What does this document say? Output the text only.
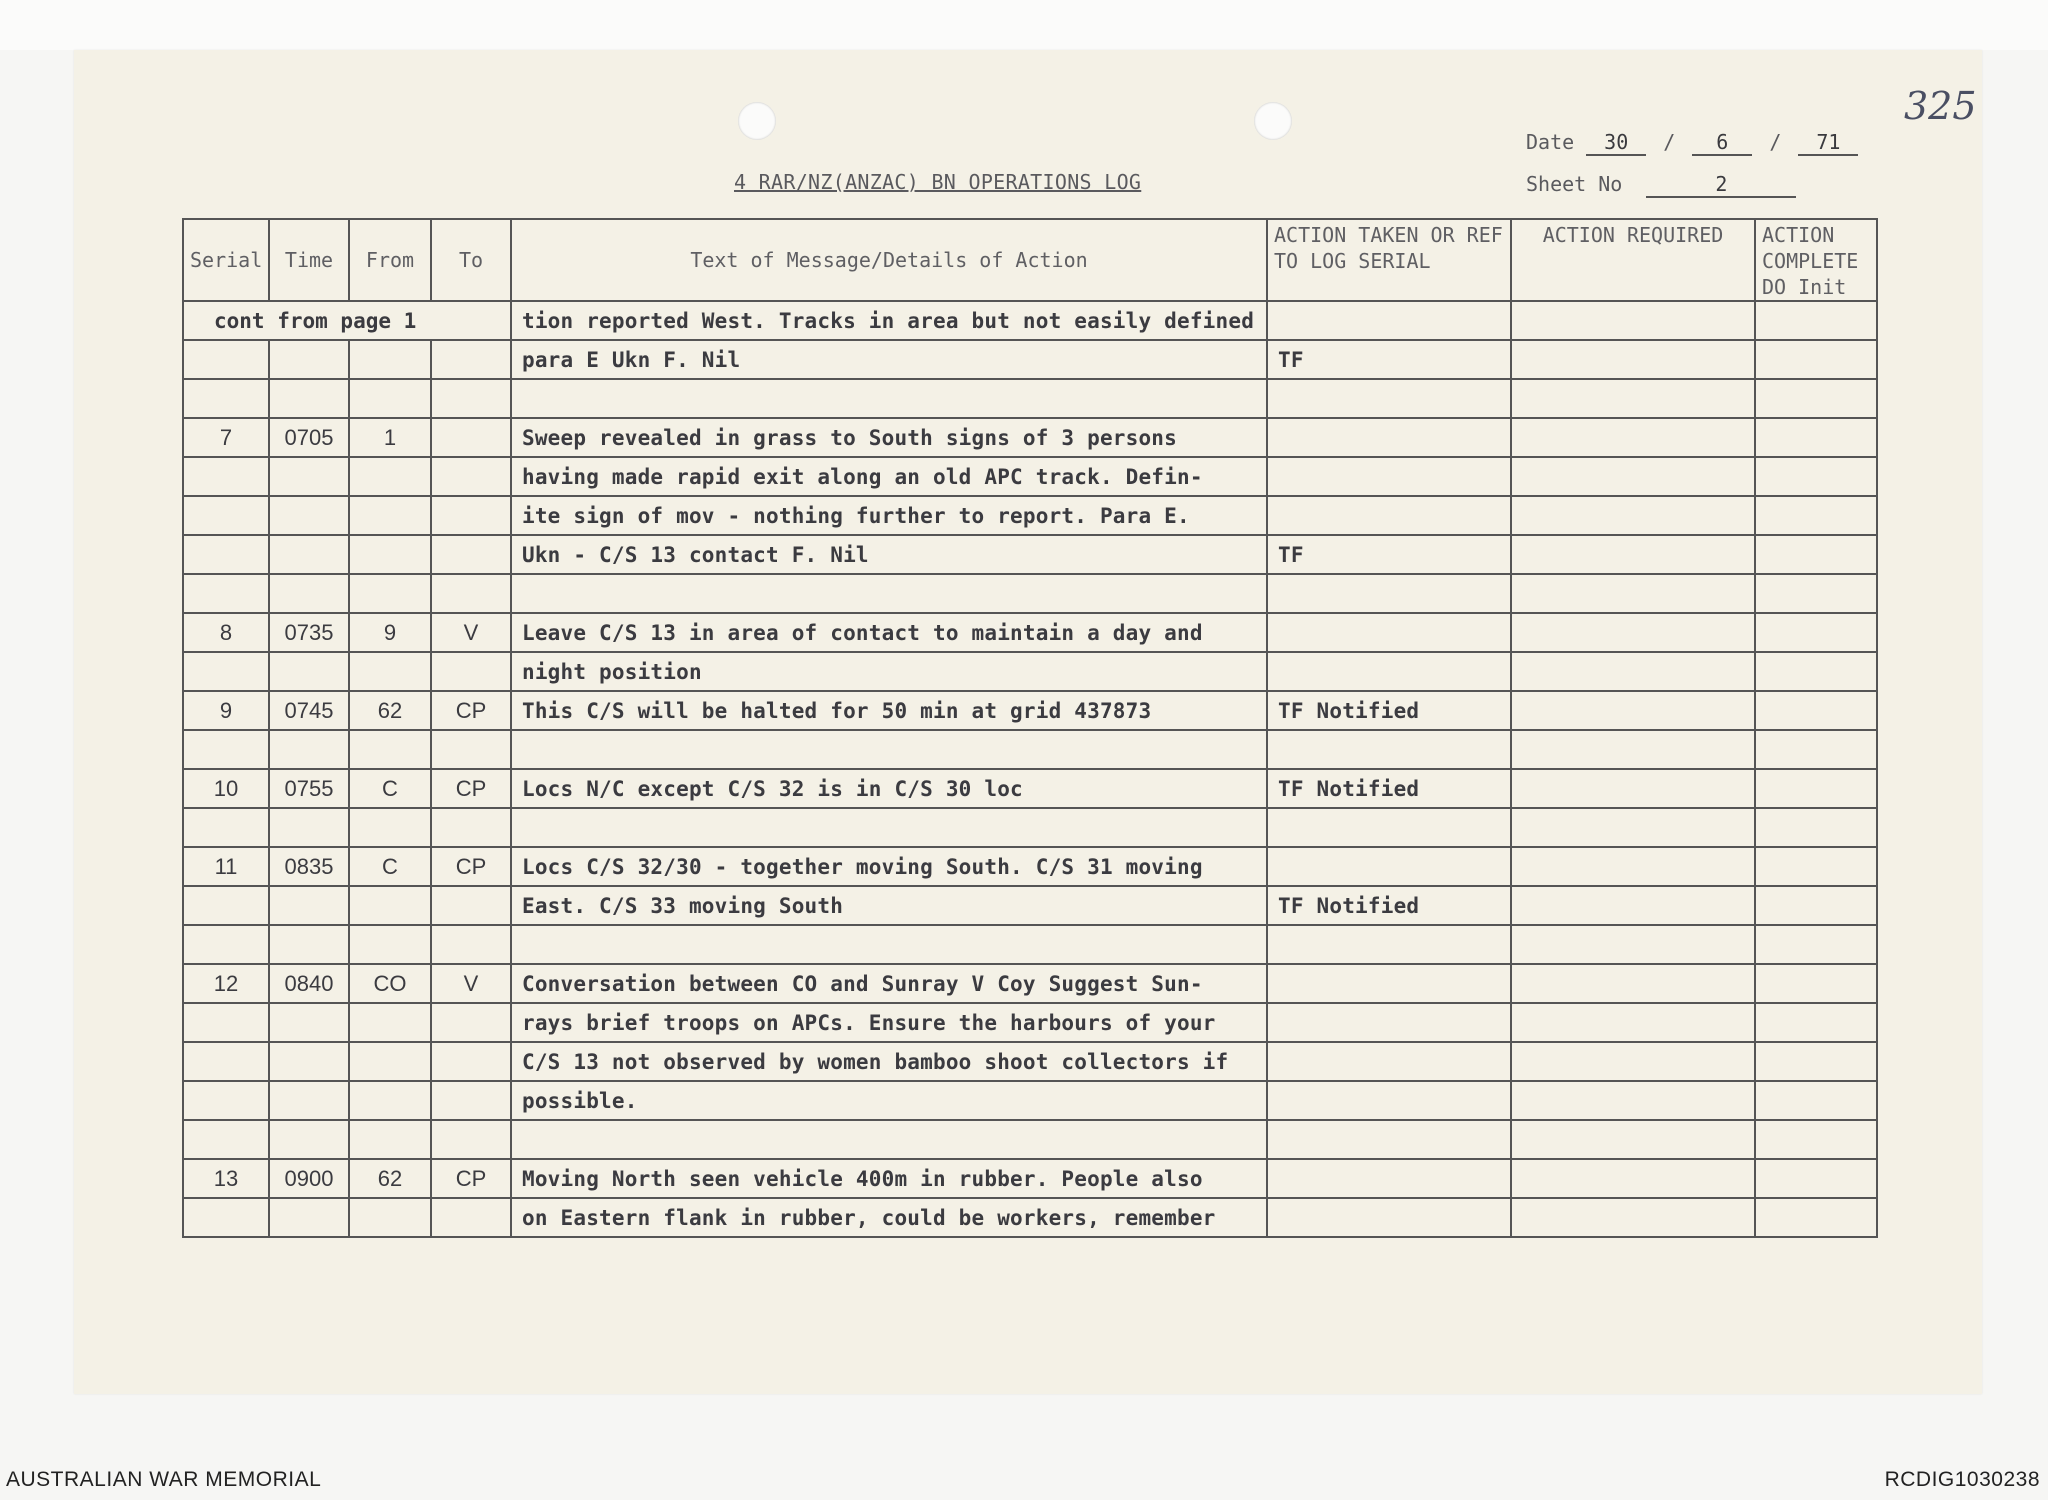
325
4 RAR/NZ(ANZAC) BN OPERATIONS LOG
Date 30 / 6 / 71
Sheet No	2
Serial	Time	From	To	Text of Message/Details of Action	ACTION TAKEN OR REF TO LOG SERIAL	ACTION REQUIRED	ACTION COMPLETE DO Init
cont from page 1				tion reported West. Tracks in area but not easily defined			
				para E Ukn F. Nil	TF		

7	0705	1		Sweep revealed in grass to South signs of 3 persons			
				having made rapid exit along an old APC track. Defin-			
				ite sign of mov - nothing further to report. Para E.			
				Ukn - C/S 13 contact F. Nil	TF		

8	0735	9	V	Leave C/S 13 in area of contact to maintain a day and			
				night position			
9	0745	62	CP	This C/S will be halted for 50 min at grid 437873	TF Notified		

10	0755	C	CP	Locs N/C except C/S 32 is in C/S 30 loc	TF Notified		

11	0835	C	CP	Locs C/S 32/30 - together moving South. C/S 31 moving			
				East. C/S 33 moving South	TF Notified		

12	0840	CO	V	Conversation between CO and Sunray V Coy Suggest Sun-			
				rays brief troops on APCs. Ensure the harbours of your			
				C/S 13 not observed by women bamboo shoot collectors if			
				possible.			

13	0900	62	CP	Moving North seen vehicle 400m in rubber. People also			
				on Eastern flank in rubber, could be workers, remember			
AUSTRALIAN WAR MEMORIAL	RCDIG1030238
